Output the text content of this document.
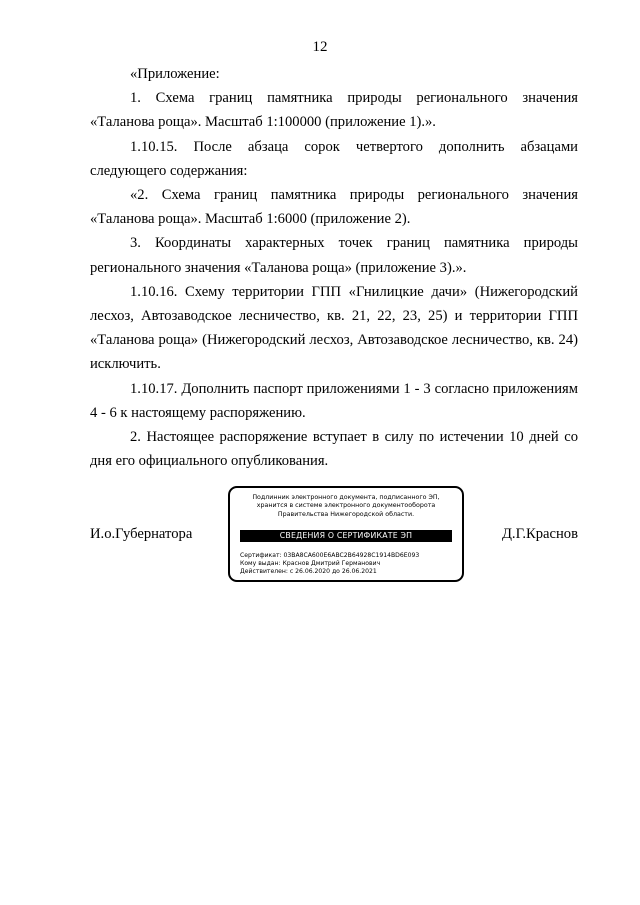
12

«Приложение:

1. Схема границ памятника природы регионального значения «Таланова роща». Масштаб 1:100000 (приложение 1).».

1.10.15. После абзаца сорок четвертого дополнить абзацами следующего содержания:

«2. Схема границ памятника природы регионального значения «Таланова роща». Масштаб 1:6000 (приложение 2).

3. Координаты характерных точек границ памятника природы регионального значения «Таланова роща» (приложение 3).».

1.10.16. Схему территории ГПП «Гнилицкие дачи» (Нижегородский лесхоз, Автозаводское лесничество, кв. 21, 22, 23, 25) и территории ГПП «Таланова роща» (Нижегородский лесхоз, Автозаводское лесничество, кв. 24) исключить.

1.10.17. Дополнить паспорт приложениями 1 - 3 согласно приложениям 4 - 6 к настоящему распоряжению.

2. Настоящее распоряжение вступает в силу по истечении 10 дней со дня его официального опубликования.

И.о.Губернатора
Подлинник электронного документа, подписанного ЭП,
хранится в системе электронного документооборота
Правительства Нижегородской области.
СВЕДЕНИЯ О СЕРТИФИКАТЕ ЭП
Сертификат: 03BA8CA600E6ABC2B64928C1914BD6E093
Кому выдан: Краснов Дмитрий Германович
Действителен: с 26.06.2020 до 26.06.2021
Д.Г.Краснов
